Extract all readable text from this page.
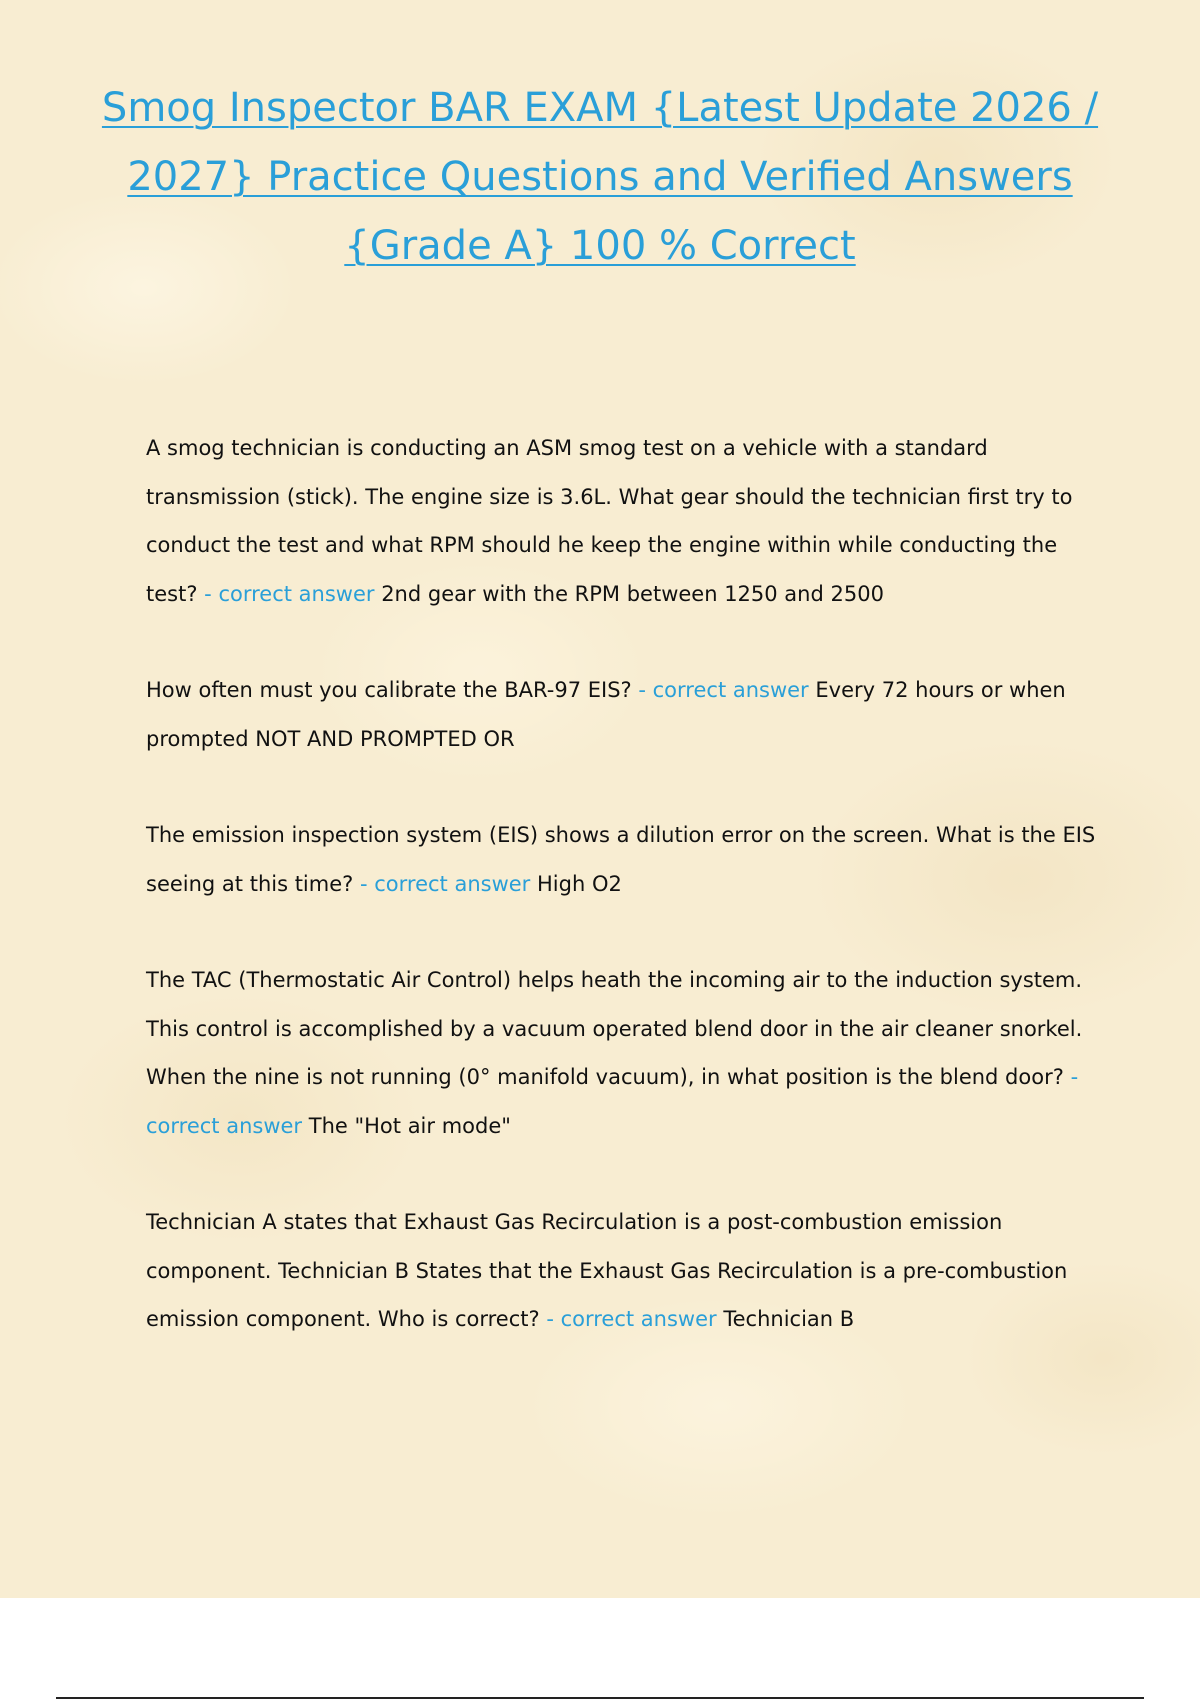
Smog Inspector BAR EXAM {Latest Update 2026 / 2027} Practice Questions and Verified Answers {Grade A} 100 % Correct

A smog technician is conducting an ASM smog test on a vehicle with a standard transmission (stick). The engine size is 3.6L. What gear should the technician first try to conduct the test and what RPM should he keep the engine within while conducting the test? - correct answer 2nd gear with the RPM between 1250 and 2500

How often must you calibrate the BAR-97 EIS? - correct answer Every 72 hours or when prompted NOT AND PROMPTED OR

The emission inspection system (EIS) shows a dilution error on the screen. What is the EIS seeing at this time? - correct answer High O2

The TAC (Thermostatic Air Control) helps heath the incoming air to the induction system. This control is accomplished by a vacuum operated blend door in the air cleaner snorkel. When the nine is not running (0° manifold vacuum), in what position is the blend door? - correct answer The "Hot air mode"

Technician A states that Exhaust Gas Recirculation is a post-combustion emission component. Technician B States that the Exhaust Gas Recirculation is a pre-combustion emission component. Who is correct? - correct answer Technician B
